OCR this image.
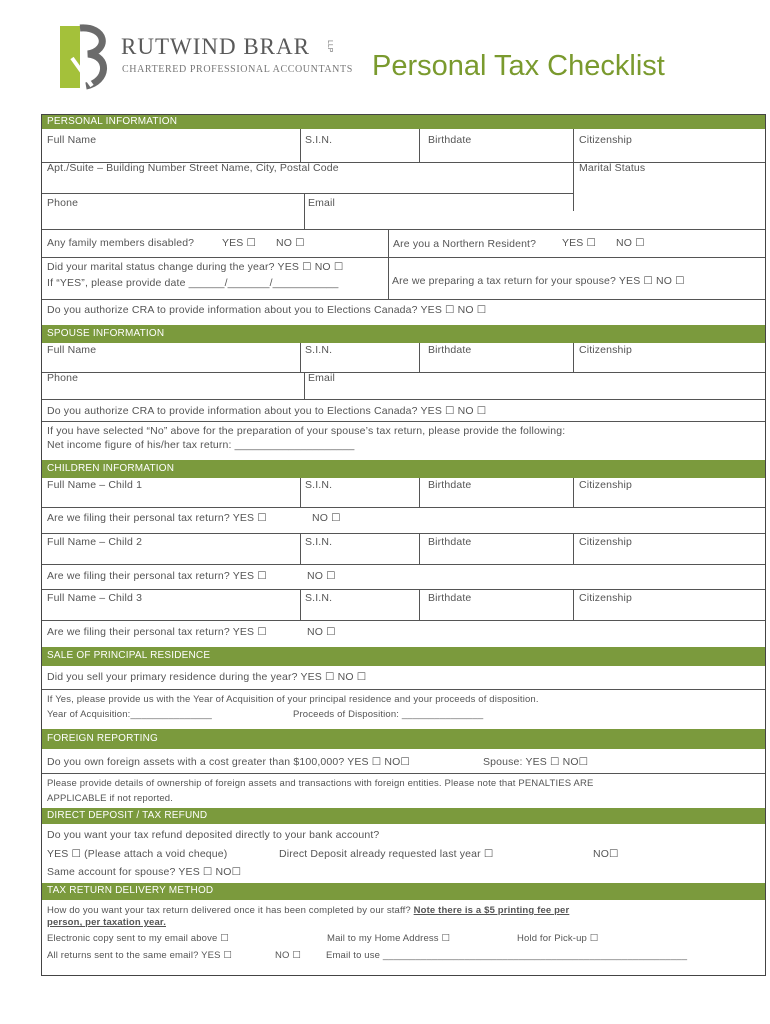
RUTWIND BRAR LLP
CHARTERED PROFESSIONAL ACCOUNTANTS Personal Tax Checklist
PERSONAL INFORMATION
Full Name	S.I.N.	Birthdate	Citizenship
Apt./Suite – Building Number Street Name, City, Postal Code	Marital Status
Phone	Email
Any family members disabled?	YES ☐ NO ☐	Are you a Northern Resident? YES ☐ NO ☐
Did your marital status change during the year? YES ☐ NO ☐
If “YES”, please provide date ______/_______/___________	Are we preparing a tax return for your spouse? YES ☐ NO ☐
Do you authorize CRA to provide information about you to Elections Canada? YES ☐ NO ☐
SPOUSE INFORMATION
Full Name	S.I.N.	Birthdate	Citizenship
Phone	Email
Do you authorize CRA to provide information about you to Elections Canada? YES ☐ NO ☐
If you have selected “No” above for the preparation of your spouse’s tax return, please provide the following:
Net income figure of his/her tax return: ____________________
CHILDREN INFORMATION
Full Name – Child 1	S.I.N.	Birthdate	Citizenship
Are we filing their personal tax return? YES ☐	NO ☐
Full Name – Child 2	S.I.N.	Birthdate	Citizenship
Are we filing their personal tax return? YES ☐	NO ☐
Full Name – Child 3	S.I.N.	Birthdate	Citizenship
Are we filing their personal tax return? YES ☐	NO ☐
SALE OF PRINCIPAL RESIDENCE
Did you sell your primary residence during the year? YES ☐ NO ☐
If Yes, please provide us with the Year of Acquisition of your principal residence and your proceeds of disposition.
Year of Acquisition:_______________	Proceeds of Disposition: _______________
FOREIGN REPORTING
Do you own foreign assets with a cost greater than $100,000? YES ☐ NO☐	Spouse: YES ☐ NO☐
Please provide details of ownership of foreign assets and transactions with foreign entities. Please note that PENALTIES ARE
APPLICABLE if not reported.
DIRECT DEPOSIT / TAX REFUND
Do you want your tax refund deposited directly to your bank account?
YES ☐ (Please attach a void cheque)	Direct Deposit already requested last year ☐	NO☐
Same account for spouse? YES ☐ NO☐
TAX RETURN DELIVERY METHOD
How do you want your tax return delivered once it has been completed by our staff? Note there is a $5 printing fee per
person, per taxation year.
Electronic copy sent to my email above ☐	Mail to my Home Address ☐	Hold for Pick-up ☐
All returns sent to the same email? YES ☐	NO ☐	Email to use ________________________________________________________
